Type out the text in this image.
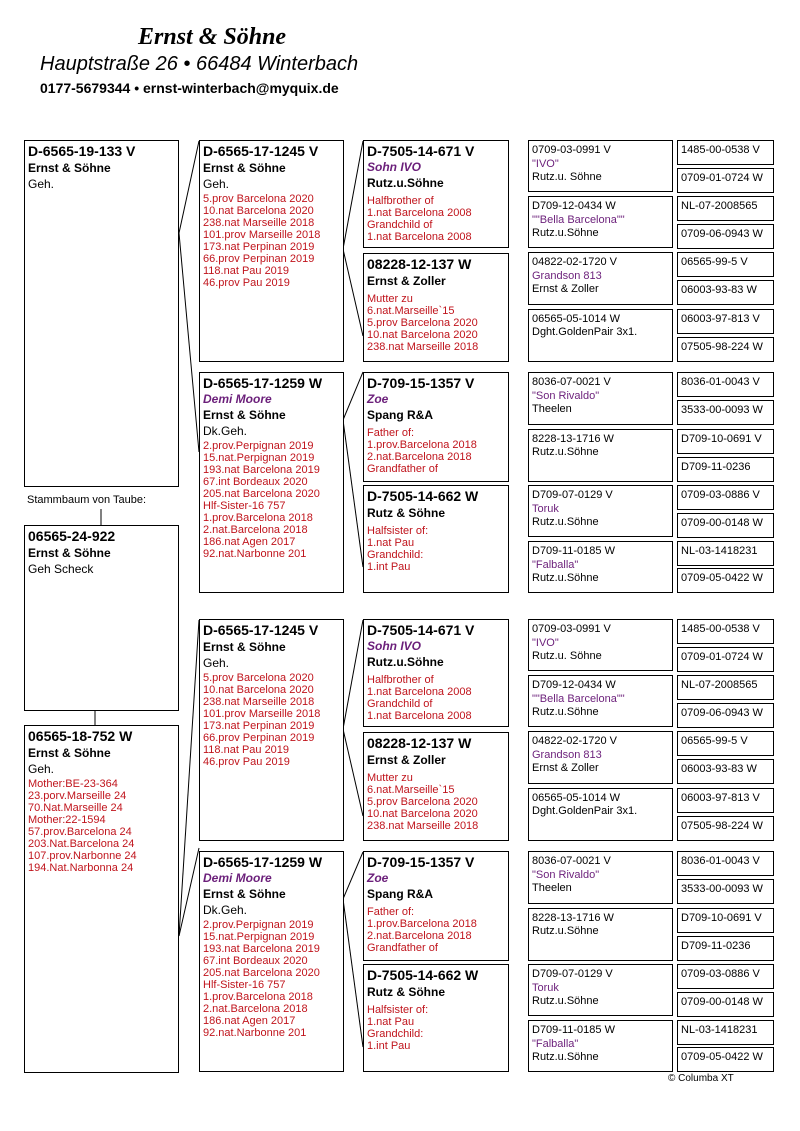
Ernst & Söhne
Hauptstraße 26 • 66484 Winterbach
0177-5679344 • ernst-winterbach@myquix.de
D-6565-19-133 V
Ernst & Söhne
Geh.
Stammbaum von Taube:
06565-24-922
Ernst & Söhne
Geh Scheck
06565-18-752 W
Ernst & Söhne
Geh.
Mother:BE-23-364
23.porv.Marseille 24
70.Nat.Marseille 24
Mother:22-1594
57.prov.Barcelona 24
203.Nat.Barcelona 24
107.prov.Narbonne 24
194.Nat.Narbonna 24
D-6565-17-1245 V
Ernst & Söhne
Geh.
5.prov Barcelona 2020
10.nat Barcelona 2020
238.nat Marseille 2018
101.prov Marseille 2018
173.nat Perpinan 2019
66.prov Perpinan 2019
118.nat Pau 2019
46.prov Pau 2019
D-6565-17-1259 W
Demi Moore
Ernst & Söhne
Dk.Geh.
2.prov.Perpignan 2019
15.nat.Perpignan 2019
193.nat Barcelona 2019
67.int Bordeaux 2020
205.nat Barcelona 2020
Hlf-Sister-16 757
1.prov.Barcelona 2018
2.nat.Barcelona 2018
186.nat Agen 2017
92.nat.Narbonne 201
D-7505-14-671 V
Sohn IVO
Rutz.u.Söhne
Halfbrother of
1.nat Barcelona 2008
Grandchild of
1.nat Barcelona 2008
08228-12-137 W
Ernst & Zoller
Mutter zu
6.nat.Marseille`15
5.prov Barcelona 2020
10.nat Barcelona 2020
238.nat Marseille 2018
D-709-15-1357 V
Zoe
Spang R&A
Father of:
1.prov.Barcelona 2018
2.nat.Barcelona 2018
Grandfather of
D-7505-14-662 W
Rutz & Söhne
Halfsister of:
1.nat Pau
Grandchild:
1.int Pau
0709-03-0991 V
"IVO"
Rutz.u. Söhne
D709-12-0434 W
""Bella Barcelona""
Rutz.u.Söhne
04822-02-1720 V
Grandson 813
Ernst & Zoller
06565-05-1014 W
Dght.GoldenPair 3x1.
8036-07-0021 V
"Son Rivaldo"
Theelen
8228-13-1716 W
Rutz.u.Söhne
D709-07-0129 V
Toruk
Rutz.u.Söhne
D709-11-0185 W
"Falballa"
Rutz.u.Söhne
1485-00-0538 V
0709-01-0724 W
NL-07-2008565
0709-06-0943 W
06565-99-5 V
06003-93-83 W
06003-97-813 V
07505-98-224 W
8036-01-0043 V
3533-00-0093 W
D709-10-0691 V
D709-11-0236
0709-03-0886 V
0709-00-0148 W
NL-03-1418231
0709-05-0422 W
© Columba XT
D-6565-17-1245 V
Ernst & Söhne
Geh.
5.prov Barcelona 2020
10.nat Barcelona 2020
238.nat Marseille 2018
101.prov Marseille 2018
173.nat Perpinan 2019
66.prov Perpinan 2019
118.nat Pau 2019
46.prov Pau 2019
D-6565-17-1259 W
Demi Moore
Ernst & Söhne
Dk.Geh.
2.prov.Perpignan 2019
15.nat.Perpignan 2019
193.nat Barcelona 2019
67.int Bordeaux 2020
205.nat Barcelona 2020
Hlf-Sister-16 757
1.prov.Barcelona 2018
2.nat.Barcelona 2018
186.nat Agen 2017
92.nat.Narbonne 201
D-7505-14-671 V
Sohn IVO
Rutz.u.Söhne
Halfbrother of
1.nat Barcelona 2008
Grandchild of
1.nat Barcelona 2008
08228-12-137 W
Ernst & Zoller
Mutter zu
6.nat.Marseille`15
5.prov Barcelona 2020
10.nat Barcelona 2020
238.nat Marseille 2018
D-709-15-1357 V
Zoe
Spang R&A
Father of:
1.prov.Barcelona 2018
2.nat.Barcelona 2018
Grandfather of
D-7505-14-662 W
Rutz & Söhne
Halfsister of:
1.nat Pau
Grandchild:
1.int Pau
0709-03-0991 V
"IVO"
Rutz.u. Söhne
D709-12-0434 W
""Bella Barcelona""
Rutz.u.Söhne
04822-02-1720 V
Grandson 813
Ernst & Zoller
06565-05-1014 W
Dght.GoldenPair 3x1.
8036-07-0021 V
"Son Rivaldo"
Theelen
8228-13-1716 W
Rutz.u.Söhne
D709-07-0129 V
Toruk
Rutz.u.Söhne
D709-11-0185 W
"Falballa"
Rutz.u.Söhne
1485-00-0538 V
0709-01-0724 W
NL-07-2008565
0709-06-0943 W
06565-99-5 V
06003-93-83 W
06003-97-813 V
07505-98-224 W
8036-01-0043 V
3533-00-0093 W
D709-10-0691 V
D709-11-0236
0709-03-0886 V
0709-00-0148 W
NL-03-1418231
0709-05-0422 W
